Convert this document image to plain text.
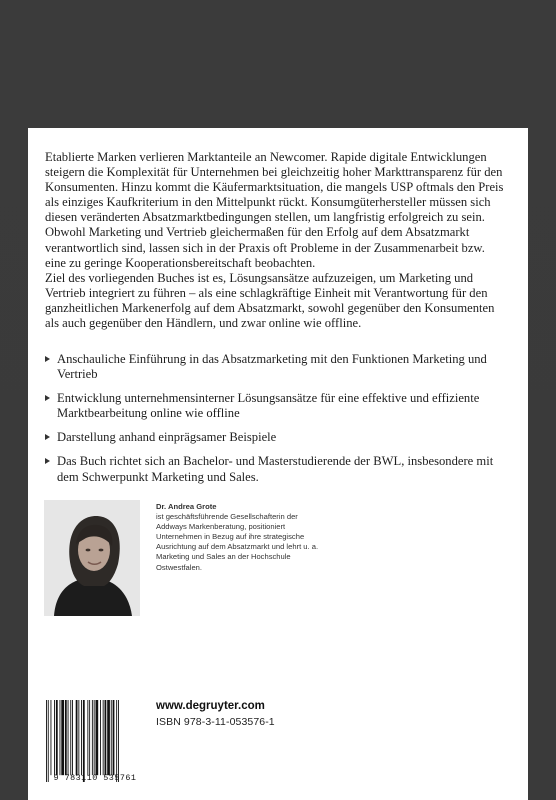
Etablierte Marken verlieren Marktanteile an Newcomer. Rapide digitale Entwicklungen steigern die Komplexität für Unternehmen bei gleichzeitig hoher Markttransparenz für den Konsumenten. Hinzu kommt die Käufermarktsituation, die mangels USP oftmals den Preis als einziges Kaufkriterium in den Mittelpunkt rückt. Konsumgüterhersteller müssen sich diesen veränderten Absatzmarktbedingungen stellen, um langfristig erfolgreich zu sein. Obwohl Marketing und Vertrieb gleichermaßen für den Erfolg auf dem Absatzmarkt verantwortlich sind, lassen sich in der Praxis oft Probleme in der Zusammenarbeit bzw. eine zu geringe Kooperationsbereitschaft beobachten.

Ziel des vorliegenden Buches ist es, Lösungsansätze aufzuzeigen, um Marketing und Vertrieb integriert zu führen – als eine schlagkräftige Einheit mit Verantwortung für den ganzheitlichen Markenerfolg auf dem Absatzmarkt, sowohl gegenüber den Konsumenten als auch gegenüber den Händlern, und zwar online wie offline.

Anschauliche Einführung in das Absatzmarketing mit den Funktionen Marketing und Vertrieb
Entwicklung unternehmensinterner Lösungsansätze für eine effektive und effiziente Marktbearbeitung online wie offline
Darstellung anhand einprägsamer Beispiele
Das Buch richtet sich an Bachelor- und Masterstudierende der BWL, insbesondere mit dem Schwerpunkt Marketing und Sales.
Dr. Andrea Grote
ist geschäftsführende Gesellschafterin der Addways Markenberatung, positioniert Unternehmen in Bezug auf ihre strategische Ausrichtung auf dem Absatzmarkt und lehrt u. a. Marketing und Sales an der Hochschule Ostwestfalen.
9 783110 535761
www.degruyter.com
ISBN 978-3-11-053576-1
